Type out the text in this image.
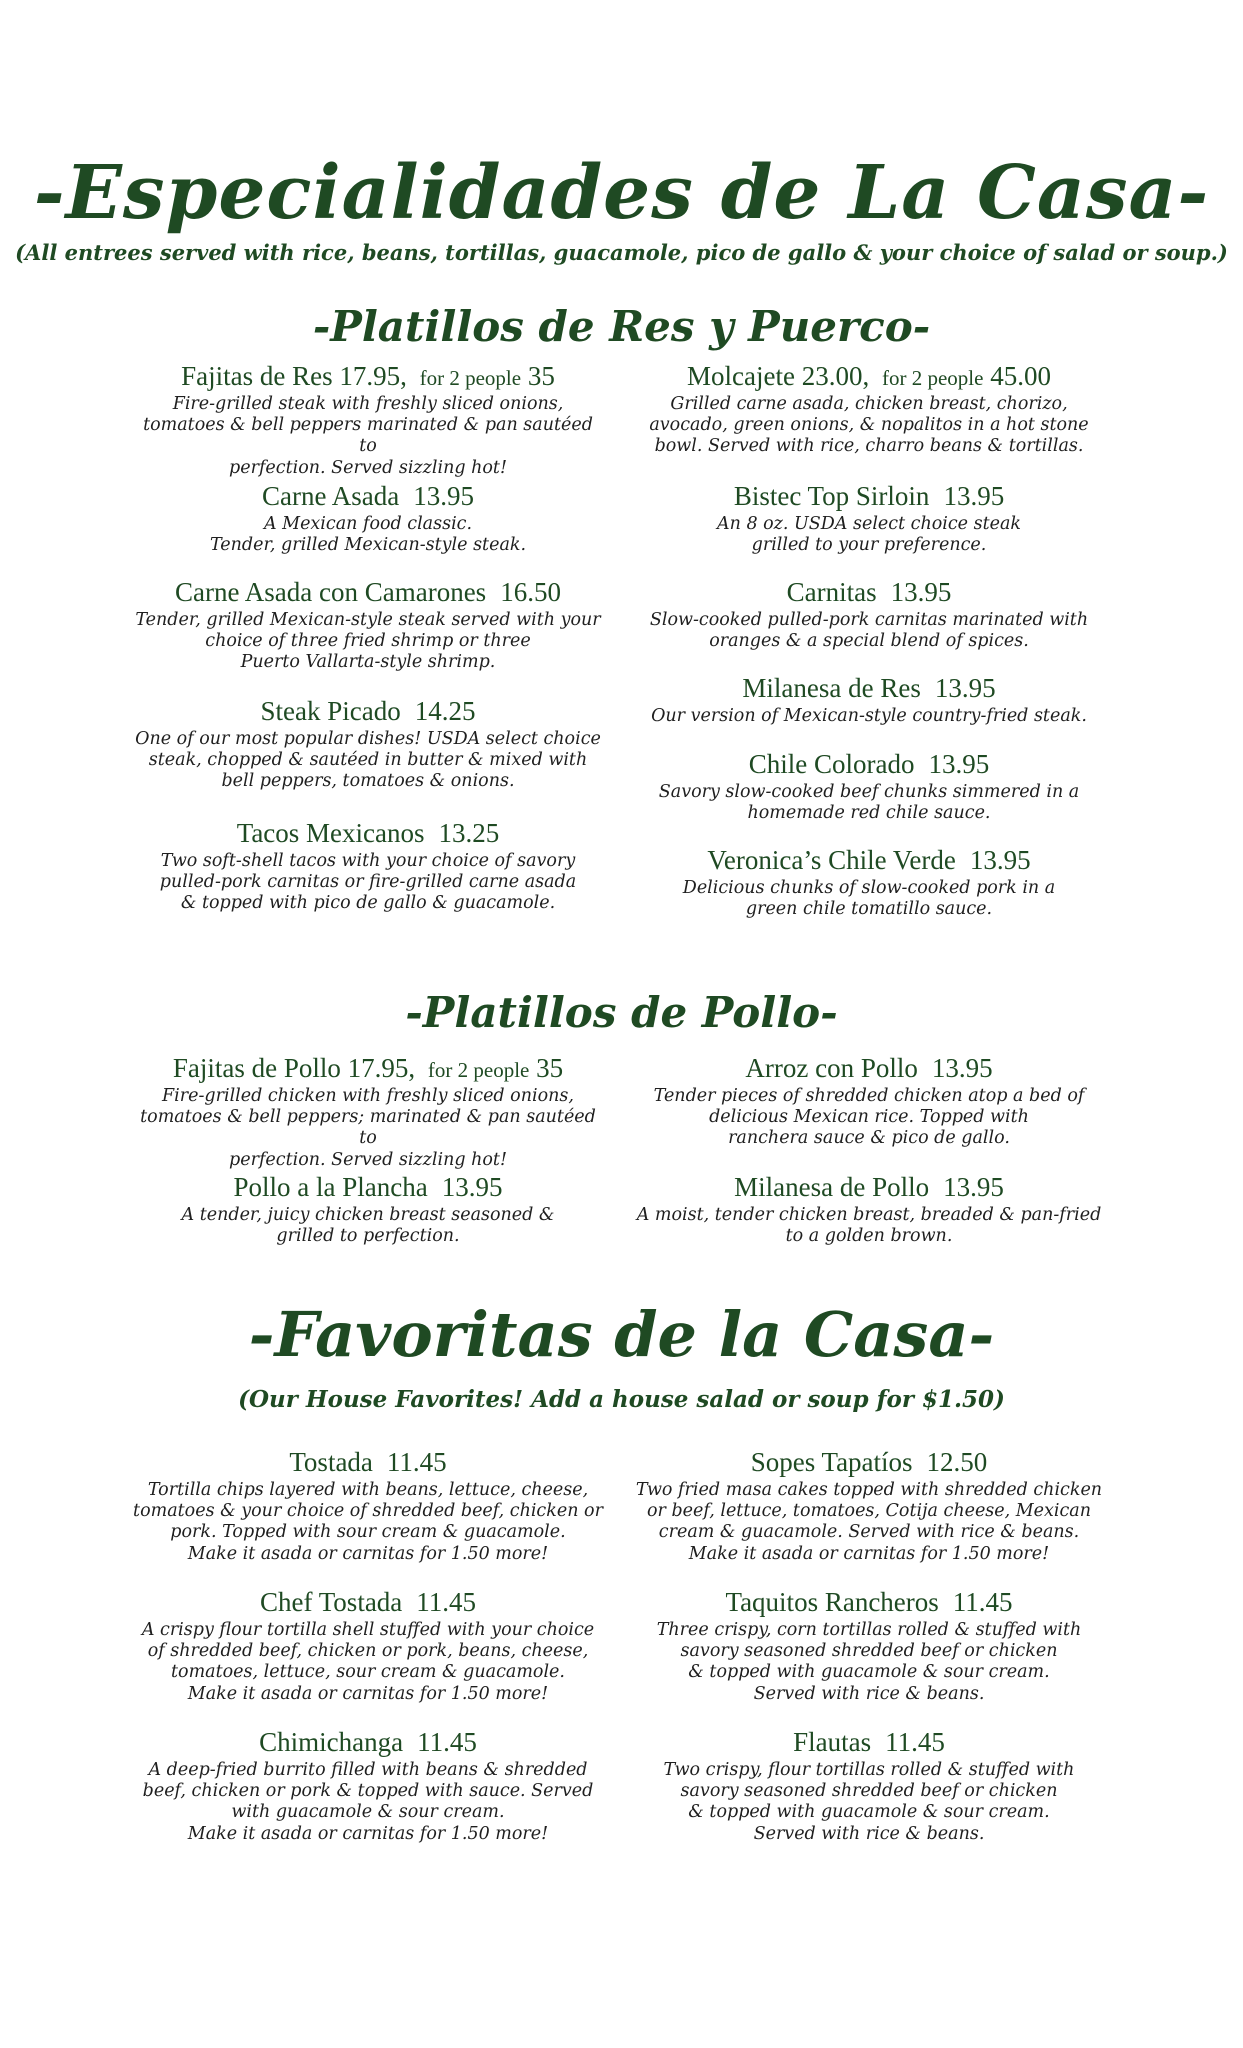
-Especialidades de La Casa-
(All entrees served with rice, beans, tortillas, guacamole, pico de gallo & your choice of salad or soup.)
-Platillos de Res y Puerco-
Fajitas de Res 17.95, for 2 people 35
Fire-grilled steak with freshly sliced onions,
tomatoes & bell peppers marinated & pan sautéed to
perfection. Served sizzling hot!
Carne Asada 13.95
A Mexican food classic.
Tender, grilled Mexican-style steak.
Carne Asada con Camarones 16.50
Tender, grilled Mexican-style steak served with your
choice of three fried shrimp or three
Puerto Vallarta-style shrimp.
Steak Picado 14.25
One of our most popular dishes! USDA select choice
steak, chopped & sautéed in butter & mixed with
bell peppers, tomatoes & onions.
Tacos Mexicanos 13.25
Two soft-shell tacos with your choice of savory
pulled-pork carnitas or fire-grilled carne asada
& topped with pico de gallo & guacamole.
Molcajete 23.00, for 2 people 45.00
Grilled carne asada, chicken breast, chorizo,
avocado, green onions, & nopalitos in a hot stone
bowl. Served with rice, charro beans & tortillas.
Bistec Top Sirloin 13.95
An 8 oz. USDA select choice steak
grilled to your preference.
Carnitas 13.95
Slow-cooked pulled-pork carnitas marinated with
oranges & a special blend of spices.
Milanesa de Res 13.95
Our version of Mexican-style country-fried steak.
Chile Colorado 13.95
Savory slow-cooked beef chunks simmered in a
homemade red chile sauce.
Veronica’s Chile Verde 13.95
Delicious chunks of slow-cooked pork in a
green chile tomatillo sauce.
-Platillos de Pollo-
Fajitas de Pollo 17.95, for 2 people 35
Fire-grilled chicken with freshly sliced onions,
tomatoes & bell peppers; marinated & pan sautéed to
perfection. Served sizzling hot!
Pollo a la Plancha 13.95
A tender, juicy chicken breast seasoned &
grilled to perfection.
Arroz con Pollo 13.95
Tender pieces of shredded chicken atop a bed of
delicious Mexican rice. Topped with
ranchera sauce & pico de gallo.
Milanesa de Pollo 13.95
A moist, tender chicken breast, breaded & pan-fried
to a golden brown.
-Favoritas de la Casa-
(Our House Favorites! Add a house salad or soup for $1.50)
Tostada 11.45
Tortilla chips layered with beans, lettuce, cheese,
tomatoes & your choice of shredded beef, chicken or
pork. Topped with sour cream & guacamole.
Make it asada or carnitas for 1.50 more!
Chef Tostada 11.45
A crispy flour tortilla shell stuffed with your choice
of shredded beef, chicken or pork, beans, cheese,
tomatoes, lettuce, sour cream & guacamole.
Make it asada or carnitas for 1.50 more!
Chimichanga 11.45
A deep-fried burrito filled with beans & shredded
beef, chicken or pork & topped with sauce. Served
with guacamole & sour cream.
Make it asada or carnitas for 1.50 more!
Sopes Tapatíos 12.50
Two fried masa cakes topped with shredded chicken
or beef, lettuce, tomatoes, Cotija cheese, Mexican
cream & guacamole. Served with rice & beans.
Make it asada or carnitas for 1.50 more!
Taquitos Rancheros 11.45
Three crispy, corn tortillas rolled & stuffed with
savory seasoned shredded beef or chicken
& topped with guacamole & sour cream.
Served with rice & beans.
Flautas 11.45
Two crispy, flour tortillas rolled & stuffed with
savory seasoned shredded beef or chicken
& topped with guacamole & sour cream.
Served with rice & beans.
